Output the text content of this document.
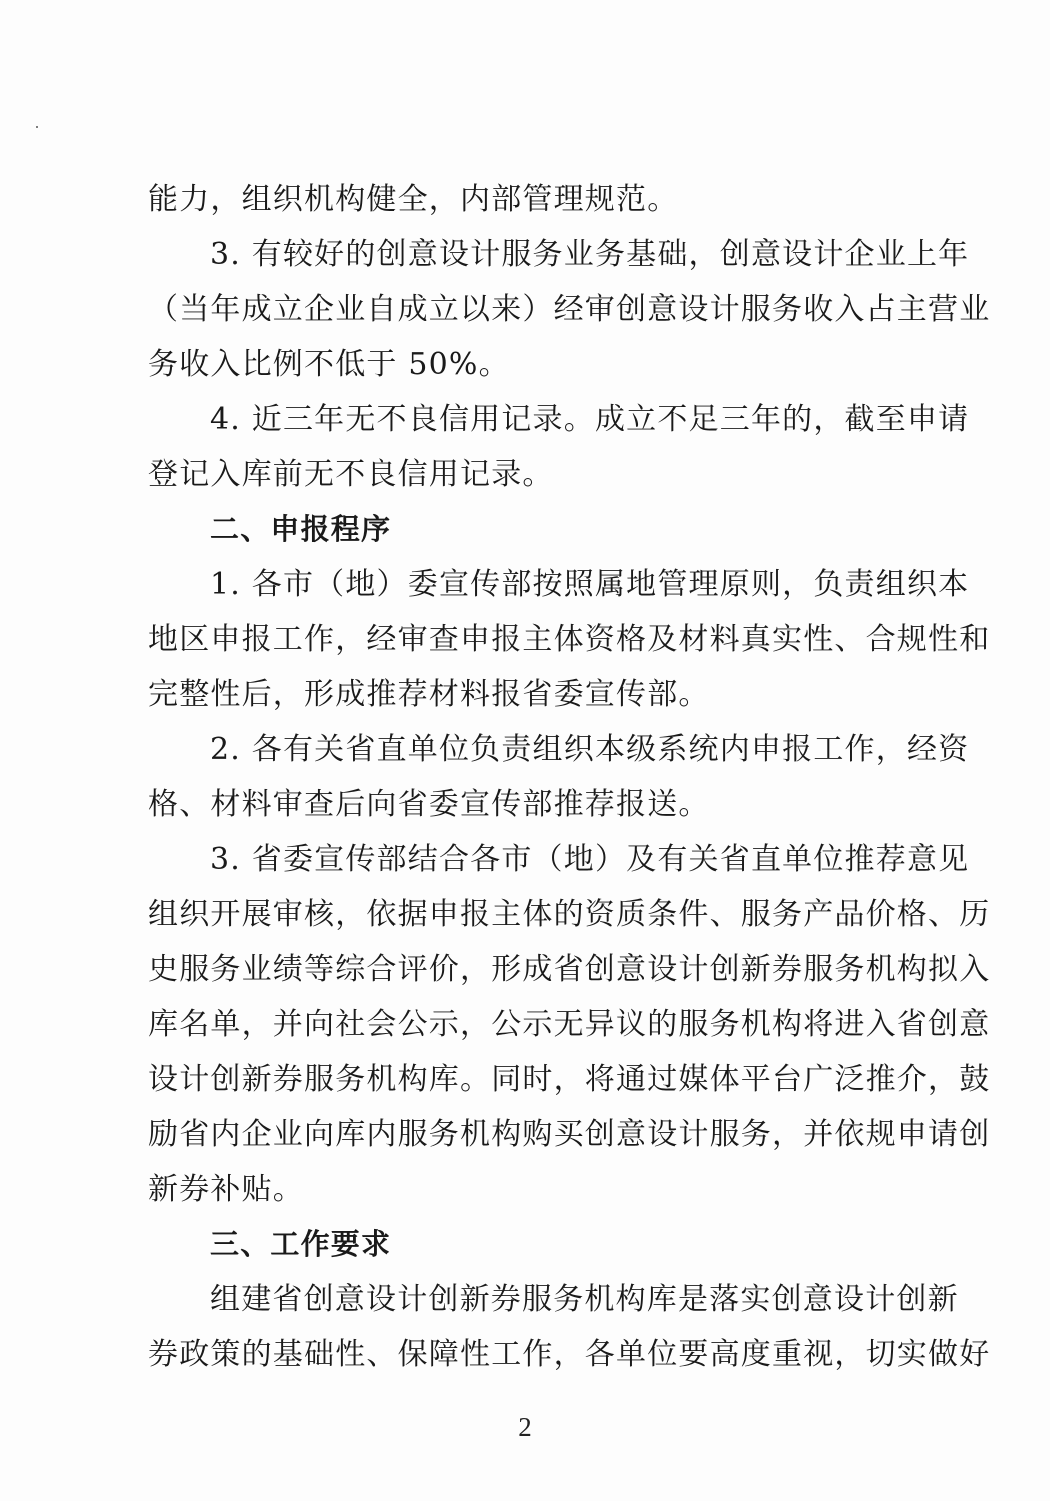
能力，组织机构健全，内部管理规范。
3. 有较好的创意设计服务业务基础，创意设计企业上年
（当年成立企业自成立以来）经审创意设计服务收入占主营业
务收入比例不低于 50%。
4. 近三年无不良信用记录。成立不足三年的，截至申请
登记入库前无不良信用记录。
二、申报程序
1. 各市（地）委宣传部按照属地管理原则，负责组织本
地区申报工作，经审查申报主体资格及材料真实性、合规性和
完整性后，形成推荐材料报省委宣传部。
2. 各有关省直单位负责组织本级系统内申报工作，经资
格、材料审查后向省委宣传部推荐报送。
3. 省委宣传部结合各市（地）及有关省直单位推荐意见
组织开展审核，依据申报主体的资质条件、服务产品价格、历
史服务业绩等综合评价，形成省创意设计创新券服务机构拟入
库名单，并向社会公示，公示无异议的服务机构将进入省创意
设计创新券服务机构库。同时，将通过媒体平台广泛推介，鼓
励省内企业向库内服务机构购买创意设计服务，并依规申请创
新券补贴。
三、工作要求
组建省创意设计创新券服务机构库是落实创意设计创新
券政策的基础性、保障性工作，各单位要高度重视，切实做好
2
